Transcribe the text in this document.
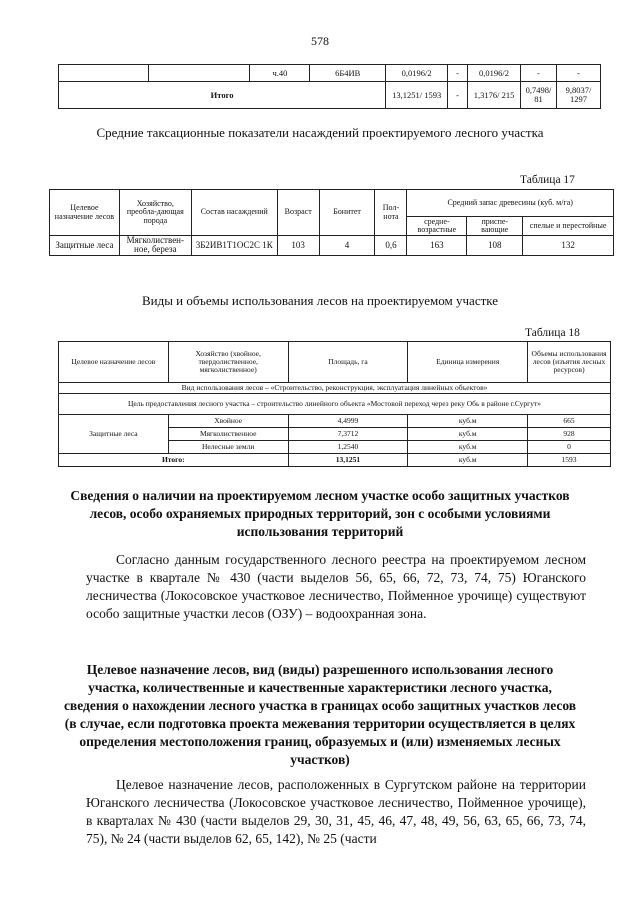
578
		ч.40	6Б4ИВ	0,0196/2	-	0,0196/2	-	-
Итого				13,1251/ 1593	-	1,3176/ 215	0,7498/ 81	9,8037/ 1297
Средние таксационные показатели насаждений проектируемого лесного участка
Таблица 17
Целевое назначение лесов	Хозяйство, преобла-дающая порода	Состав насаждений	Возраст	Бонитет	Пол-нота	Средний запас древесины (куб. м/га)		
						средне-возрастные	приспе-вающие	спелые и перестойные
Защитные леса	Мягколиствен-ное, береза	3Б2ИВ1Т1ОС2С 1К	103	4	0,6	163	108	132
Виды и объемы использования лесов на проектируемом участке
Таблица 18
Целевое назначение лесов	Хозяйство (хвойное, твердолиственное, мягколиственное)	Площадь, га	Единица измерения	Объемы использования лесов (изъятия лесных ресурсов)
Вид использования лесов – «Строительство, реконструкция, эксплуатация линейных объектов»				
Цель предоставления лесного участка – строительство линейного объекта «Мостовой переход через реку Обь в районе г.Сургут»				
Защитные леса	Хвойное	4,4999	куб.м	665
	Мягколиственное	7,3712	куб.м	928
	Нелесные земли	1,2540	куб.м	0
Итого:		13,1251	куб.м	1593
Сведения о наличии на проектируемом лесном участке особо защитных участков лесов, особо охраняемых природных территорий, зон с особыми условиями использования территорий
Согласно данным государственного лесного реестра на проектируемом лесном участке в квартале № 430 (части выделов 56, 65, 66, 72, 73, 74, 75) Юганского лесничества (Локосовское участковое лесничество, Пойменное урочище) существуют особо защитные участки лесов (ОЗУ) – водоохранная зона.
Целевое назначение лесов, вид (виды) разрешенного использования лесного участка, количественные и качественные характеристики лесного участка, сведения о нахождении лесного участка в границах особо защитных участков лесов (в случае, если подготовка проекта межевания территории осуществляется в целях определения местоположения границ, образуемых и (или) изменяемых лесных участков)
Целевое назначение лесов, расположенных в Сургутском районе на территории Юганского лесничества (Локосовское участковое лесничество, Пойменное урочище), в кварталах № 430 (части выделов 29, 30, 31, 45, 46, 47, 48, 49, 56, 63, 65, 66, 73, 74, 75), № 24 (части выделов 62, 65, 142), № 25 (части
